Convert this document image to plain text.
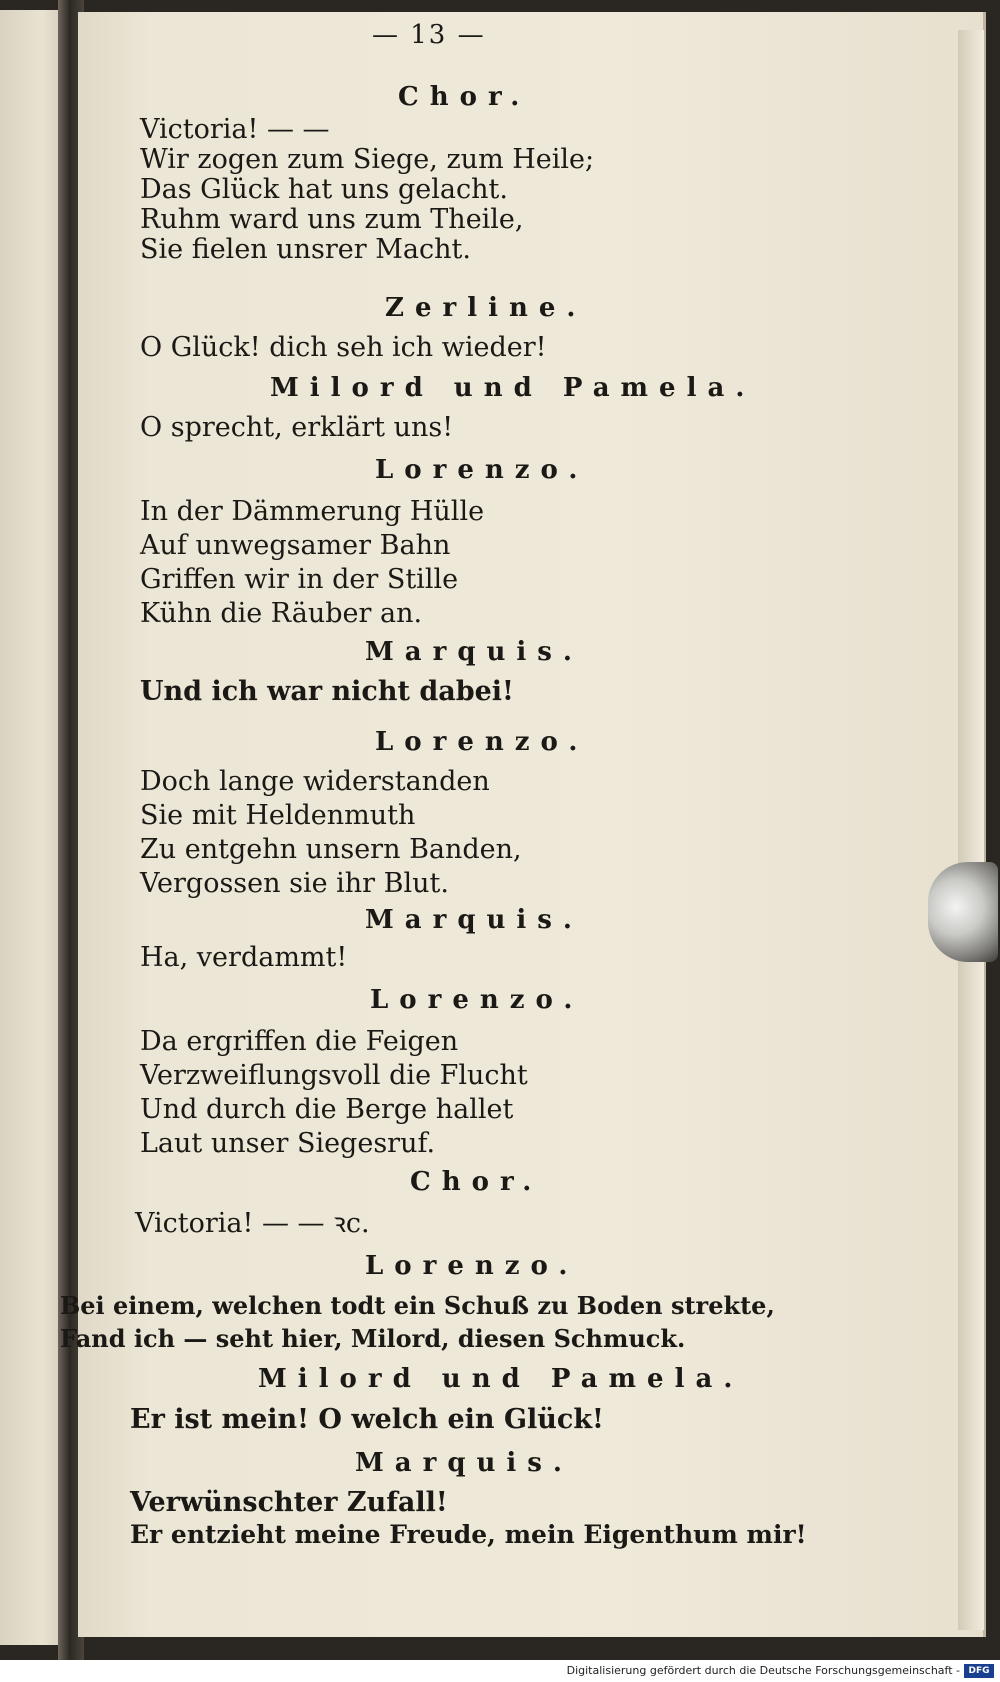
— 13 —
Chor.
Victoria! — —
Wir zogen zum Siege, zum Heile;
Das Glück hat uns gelacht.
Ruhm ward uns zum Theile,
Sie fielen unsrer Macht.
Zerline.
O Glück! dich seh ich wieder!
Milord und Pamela.
O sprecht, erklärt uns!
Lorenzo.
In der Dämmerung Hülle
Auf unwegsamer Bahn
Griffen wir in der Stille
Kühn die Räuber an.
Marquis.
Und ich war nicht dabei!
Lorenzo.
Doch lange widerstanden
Sie mit Heldenmuth
Zu entgehn unsern Banden,
Vergossen sie ihr Blut.
Marquis.
Ha, verdammt!
Lorenzo.
Da ergriffen die Feigen
Verzweiflungsvoll die Flucht
Und durch die Berge hallet
Laut unser Siegesruf.
Chor.
Victoria! — — ꝛc.
Lorenzo.
Bei einem, welchen todt ein Schuß zu Boden strekte,
Fand ich — seht hier, Milord, diesen Schmuck.
Milord und Pamela.
Er ist mein! O welch ein Glück!
Marquis.
Verwünschter Zufall!
Er entzieht meine Freude, mein Eigenthum mir!
Digitalisierung gefördert durch die Deutsche Forschungsgemeinschaft - DFG
